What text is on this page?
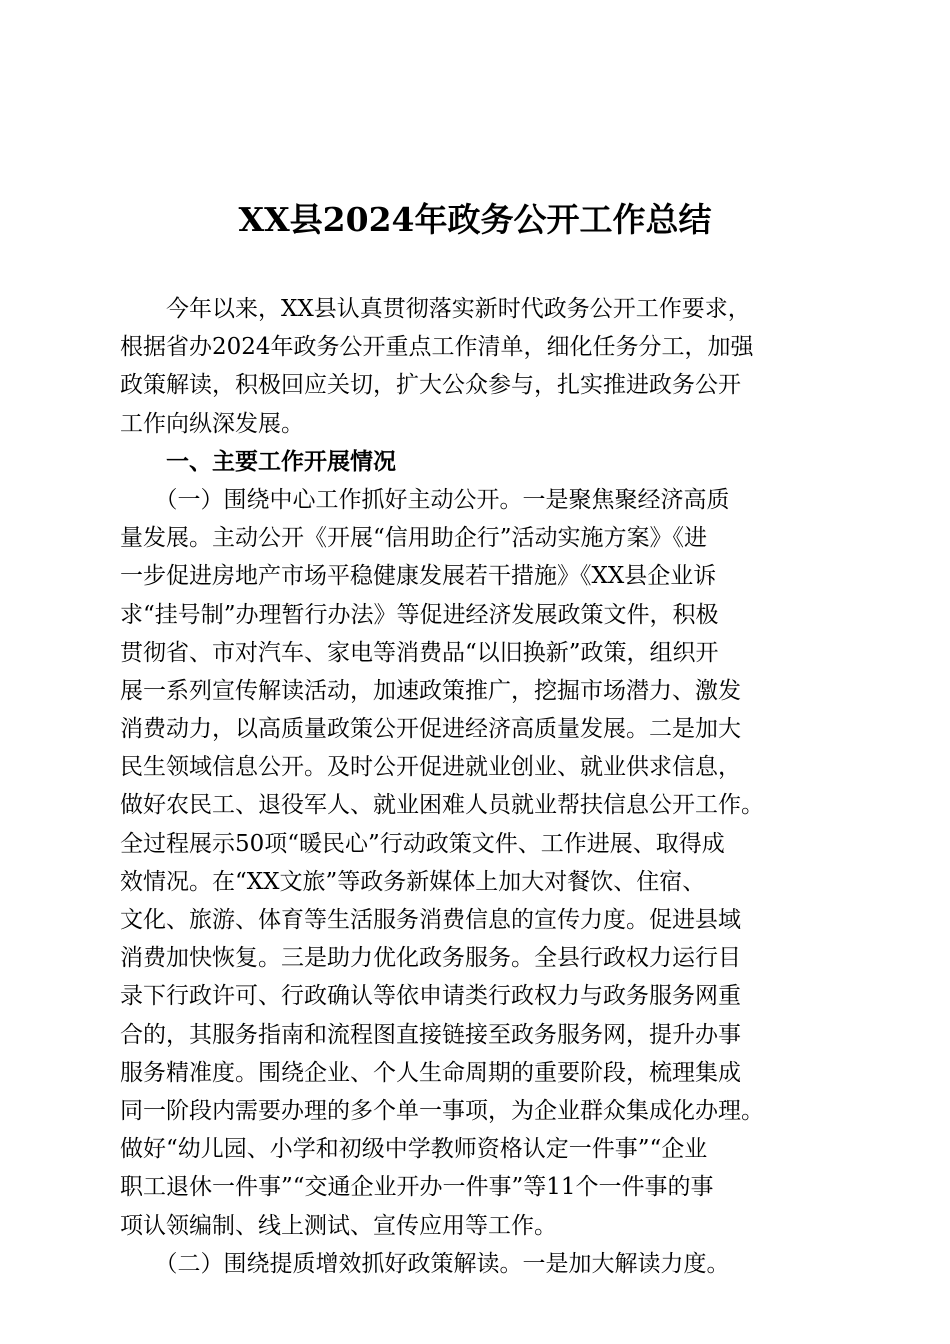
XX县2024年政务公开工作总结
　　今年以来，XX县认真贯彻落实新时代政务公开工作要求，
根据省办2024年政务公开重点工作清单，细化任务分工，加强
政策解读，积极回应关切，扩大公众参与，扎实推进政务公开
工作向纵深发展。
　　一、主要工作开展情况
　　（一）围绕中心工作抓好主动公开。一是聚焦聚经济高质
量发展。主动公开《开展“信用助企行”活动实施方案》《进
一步促进房地产市场平稳健康发展若干措施》《XX县企业诉
求“挂号制”办理暂行办法》等促进经济发展政策文件，积极
贯彻省、市对汽车、家电等消费品“以旧换新”政策，组织开
展一系列宣传解读活动，加速政策推广，挖掘市场潜力、激发
消费动力，以高质量政策公开促进经济高质量发展。二是加大
民生领域信息公开。及时公开促进就业创业、就业供求信息，
做好农民工、退役军人、就业困难人员就业帮扶信息公开工作。
全过程展示50项“暖民心”行动政策文件、工作进展、取得成
效情况。在“XX文旅”等政务新媒体上加大对餐饮、住宿、
文化、旅游、体育等生活服务消费信息的宣传力度。促进县域
消费加快恢复。三是助力优化政务服务。全县行政权力运行目
录下行政许可、行政确认等依申请类行政权力与政务服务网重
合的，其服务指南和流程图直接链接至政务服务网，提升办事
服务精准度。围绕企业、个人生命周期的重要阶段，梳理集成
同一阶段内需要办理的多个单一事项，为企业群众集成化办理。
做好“幼儿园、小学和初级中学教师资格认定一件事”“企业
职工退休一件事”“交通企业开办一件事”等11个一件事的事
项认领编制、线上测试、宣传应用等工作。
　　（二）围绕提质增效抓好政策解读。一是加大解读力度。
